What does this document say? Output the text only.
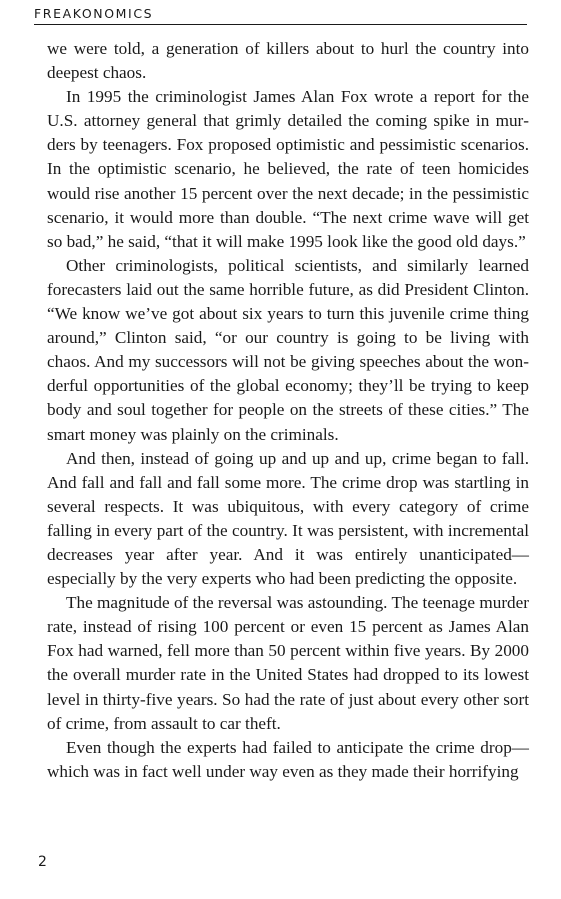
FREAKONOMICS

we were told, a generation of killers about to hurl the country into deepest chaos.

In 1995 the criminologist James Alan Fox wrote a report for the U.S. attorney general that grimly detailed the coming spike in murders by teenagers. Fox proposed optimistic and pessimistic scenarios. In the optimistic scenario, he believed, the rate of teen homicides would rise another 15 percent over the next decade; in the pessimistic scenario, it would more than double. “The next crime wave will get so bad,” he said, “that it will make 1995 look like the good old days.”

Other criminologists, political scientists, and similarly learned forecasters laid out the same horrible future, as did President Clinton. “We know we’ve got about six years to turn this juvenile crime thing around,” Clinton said, “or our country is going to be living with chaos. And my successors will not be giving speeches about the wonderful opportunities of the global economy; they’ll be trying to keep body and soul together for people on the streets of these cities.” The smart money was plainly on the criminals.

And then, instead of going up and up and up, crime began to fall. And fall and fall and fall some more. The crime drop was startling in several respects. It was ubiquitous, with every category of crime falling in every part of the country. It was persistent, with incremental decreases year after year. And it was entirely unanticipated—especially by the very experts who had been predicting the opposite.

The magnitude of the reversal was astounding. The teenage murder rate, instead of rising 100 percent or even 15 percent as James Alan Fox had warned, fell more than 50 percent within five years. By 2000 the overall murder rate in the United States had dropped to its lowest level in thirty-five years. So had the rate of just about every other sort of crime, from assault to car theft.

Even though the experts had failed to anticipate the crime drop—which was in fact well under way even as they made their horrifying

2
